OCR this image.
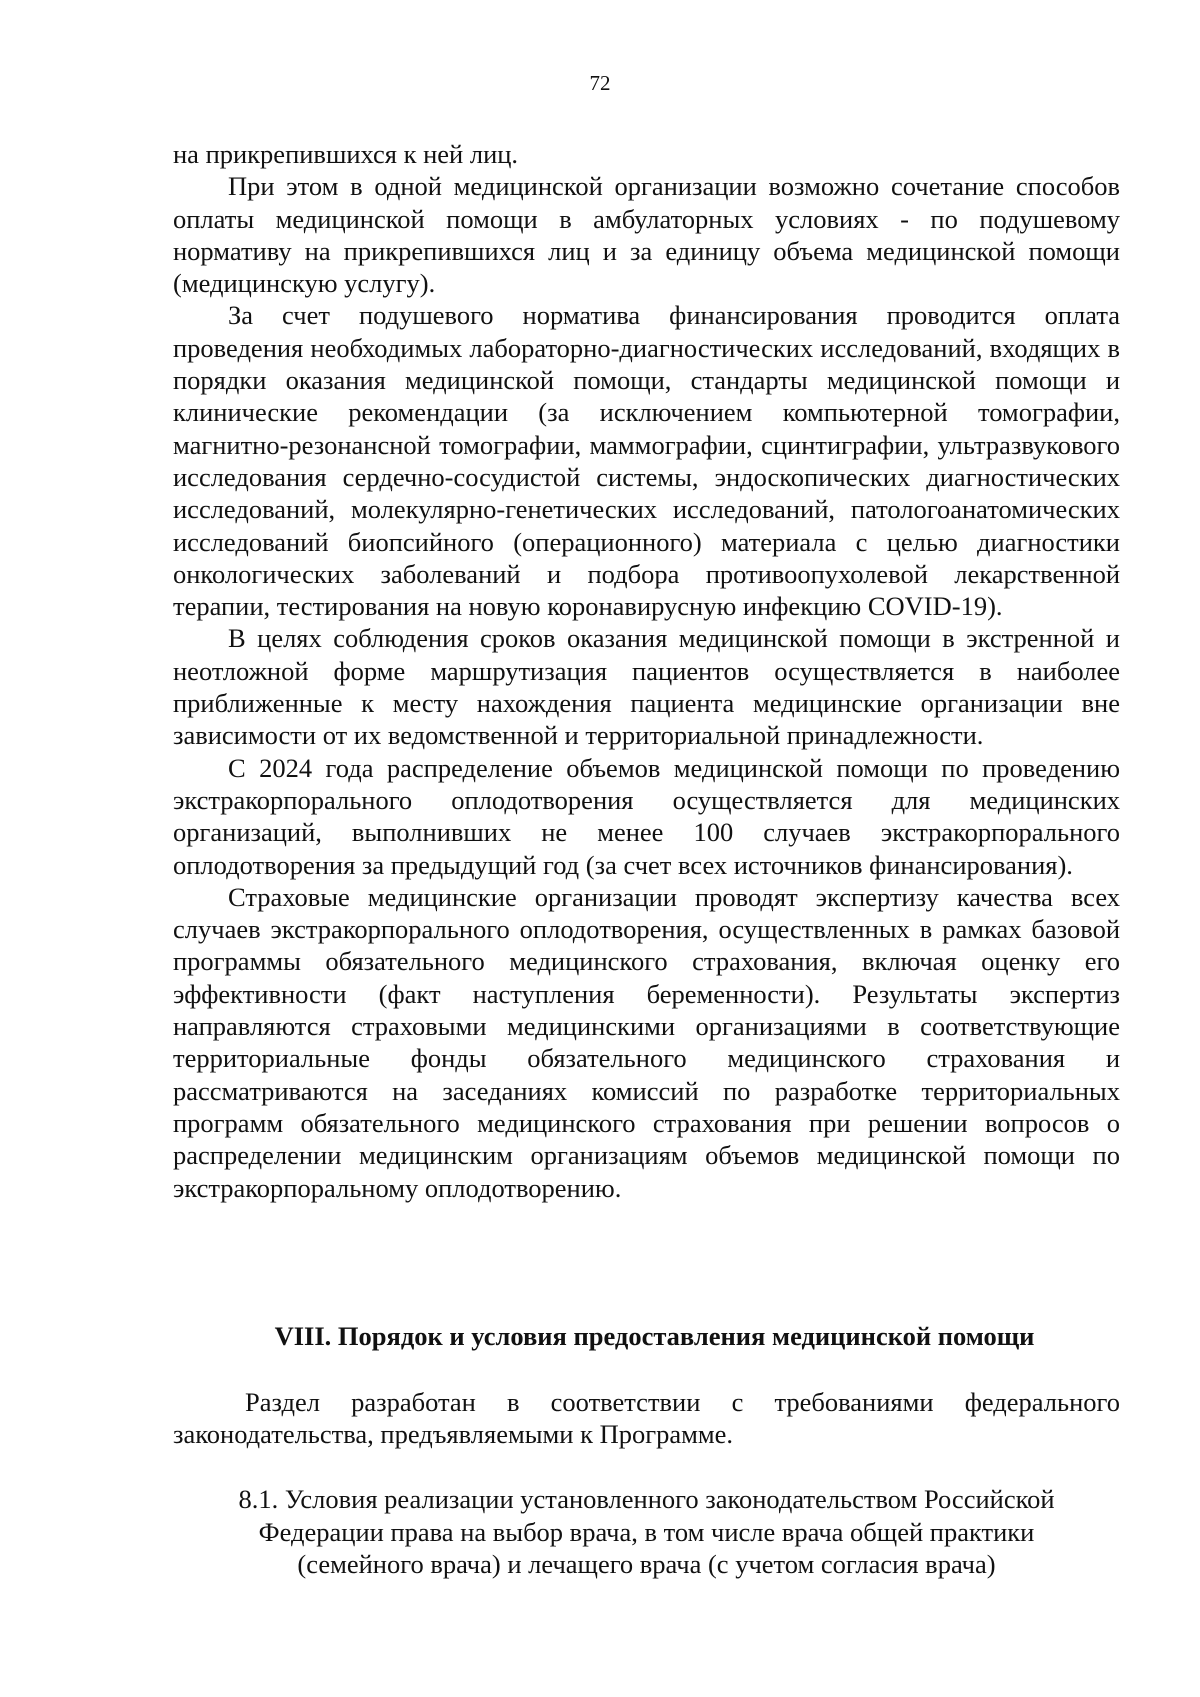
72

на прикрепившихся к ней лиц.

При этом в одной медицинской организации возможно сочетание способов оплаты медицинской помощи в амбулаторных условиях - по подушевому нормативу на прикрепившихся лиц и за единицу объема медицинской помощи (медицинскую услугу).

За счет подушевого норматива финансирования проводится оплата проведения необходимых лабораторно-диагностических исследований, входящих в порядки оказания медицинской помощи, стандарты медицинской помощи и клинические рекомендации (за исключением компьютерной томографии, магнитно-резонансной томографии, маммографии, сцинтиграфии, ультразвукового исследования сердечно-сосудистой системы, эндоскопических диагностических исследований, молекулярно-генетических исследований, патологоанатомических исследований биопсийного (операционного) материала с целью диагностики онкологических заболеваний и подбора противоопухолевой лекарственной терапии, тестирования на новую коронавирусную инфекцию COVID-19).

В целях соблюдения сроков оказания медицинской помощи в экстренной и неотложной форме маршрутизация пациентов осуществляется в наиболее приближенные к месту нахождения пациента медицинские организации вне зависимости от их ведомственной и территориальной принадлежности.

С 2024 года распределение объемов медицинской помощи по проведению экстракорпорального оплодотворения осуществляется для медицинских организаций, выполнивших не менее 100 случаев экстракорпорального оплодотворения за предыдущий год (за счет всех источников финансирования).

Страховые медицинские организации проводят экспертизу качества всех случаев экстракорпорального оплодотворения, осуществленных в рамках базовой программы обязательного медицинского страхования, включая оценку его эффективности (факт наступления беременности). Результаты экспертиз направляются страховыми медицинскими организациями в соответствующие территориальные фонды обязательного медицинского страхования и рассматриваются на заседаниях комиссий по разработке территориальных программ обязательного медицинского страхования при решении вопросов о распределении медицинским организациям объемов медицинской помощи по экстракорпоральному оплодотворению.

VIII. Порядок и условия предоставления медицинской помощи

Раздел разработан в соответствии с требованиями федерального законодательства, предъявляемыми к Программе.

8.1. Условия реализации установленного законодательством Российской
Федерации права на выбор врача, в том числе врача общей практики
(семейного врача) и лечащего врача (с учетом согласия врача)
